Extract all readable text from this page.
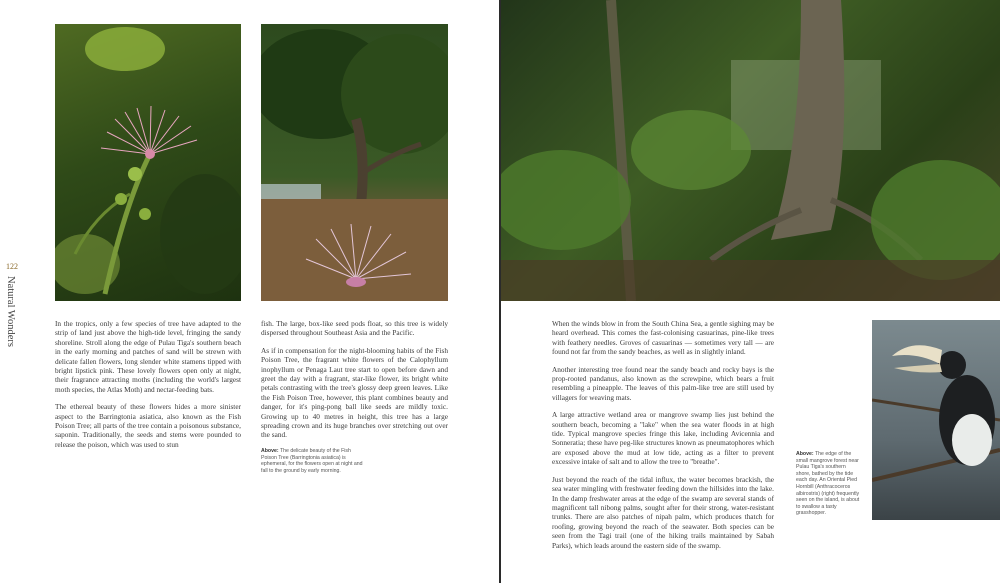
122
Natural Wonders	In the tropics, only a few species of tree have adapted to the strip of land just above the high-tide level, fringing the sandy shoreline. Stroll along the edge of Pulau Tiga's southern beach in the early morning and patches of sand will be strewn with delicate fallen flowers, long slender white stamens tipped with bright lipstick pink. These lovely flowers open only at night, their fragrance attracting moths (including the world's largest moth species, the Atlas Moth) and nectar-feeding bats.

The ethereal beauty of these flowers hides a more sinister aspect to the Barringtonia asiatica, also known as the Fish Poison Tree; all parts of the tree contain a poisonous substance, saponin. Traditionally, the seeds and stems were pounded to release the poison, which was used to stun

fish. The large, box-like seed pods float, so this tree is widely dispersed throughout Southeast Asia and the Pacific.

As if in compensation for the night-blooming habits of the Fish Poison Tree, the fragrant white flowers of the Calophyllum inophyllum or Penaga Laut tree start to open before dawn and greet the day with a fragrant, star-like flower, its bright white petals contrasting with the tree's glossy deep green leaves. Like the Fish Poison Tree, however, this plant combines beauty and danger, for it's ping-pong ball like seeds are mildly toxic. Growing up to 40 metres in height, this tree has a large spreading crown and its huge branches over stretching out over the sand.

Above: The delicate beauty of the Fish Poison Tree (Barringtonia asiatica) is ephemeral, for the flowers open at night and fall to the ground by early morning.

When the winds blow in from the South China Sea, a gentle sighing may be heard overhead. This comes the fast-colonising casuarinas, pine-like trees with feathery needles. Groves of casuarinas — sometimes very tall — are found not far from the sandy beaches, as well as in slightly inland.

Another interesting tree found near the sandy beach and rocky bays is the prop-rooted pandanus, also known as the screwpine, which bears a fruit resembling a pineapple. The leaves of this palm-like tree are still used by villagers for weaving mats.

A large attractive wetland area or mangrove swamp lies just behind the southern beach, becoming a "lake" when the sea water floods in at high tide. Typical mangrove species fringe this lake, including Avicennia and Sonneratia; these have peg-like structures known as pneumatophores which are exposed above the mud at low tide, acting as a filter to prevent excessive intake of salt and to allow the tree to "breathe".

Just beyond the reach of the tidal influx, the water becomes brackish, the sea water mingling with freshwater feeding down the hillsides into the lake. In the damp freshwater areas at the edge of the swamp are several stands of magnificent tall nibong palms, sought after for their strong, water-resistant trunks. There are also patches of nipah palm, which produces thatch for roofing, growing beyond the reach of the seawater. Both species can be seen from the Tagi trail (one of the hiking trails maintained by Sabah Parks), which leads around the eastern side of the swamp.

Above: The edge of the small mangrove forest near Pulau Tiga's southern shore, bathed by the tide each day. An Oriental Pied Hornbill (Anthracoceros albirostris) (right) frequently seen on the island, is about to swallow a tasty grasshopper.
